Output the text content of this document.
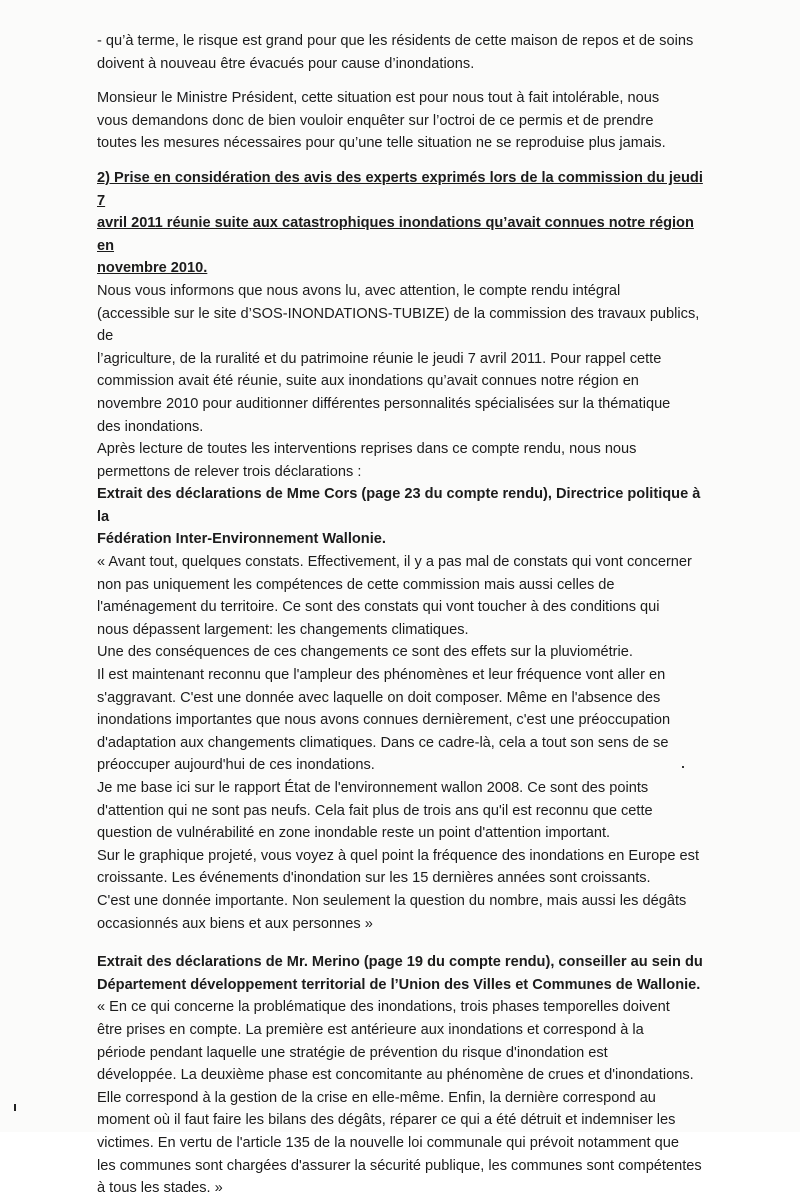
- qu’à terme, le risque est grand pour que les résidents de cette maison de repos et de soins

doivent à nouveau être évacués pour cause d’inondations.

Monsieur le Ministre Président, cette situation est pour nous tout à fait intolérable, nous

vous demandons donc de bien vouloir enquêter sur l’octroi de ce permis et de prendre

toutes les mesures nécessaires pour qu’une telle situation ne se reproduise plus jamais.

2) Prise en considération des avis des experts exprimés lors de la commission du jeudi 7

avril 2011 réunie suite aux catastrophiques inondations qu’avait connues notre région en

novembre 2010.

Nous vous informons que nous avons lu, avec attention, le compte rendu intégral

(accessible sur le site d’SOS-INONDATIONS-TUBIZE) de la commission des travaux publics, de

l’agriculture, de la ruralité et du patrimoine réunie le jeudi 7 avril 2011. Pour rappel cette

commission avait été réunie, suite aux inondations qu’avait connues notre région en

novembre 2010 pour auditionner différentes personnalités spécialisées sur la thématique

des inondations.

Après lecture de toutes les interventions reprises dans ce compte rendu, nous nous

permettons de relever trois déclarations :

Extrait des déclarations de Mme Cors (page 23 du compte rendu), Directrice politique à la

Fédération Inter-Environnement Wallonie.

« Avant tout, quelques constats. Effectivement, il y a pas mal de constats qui vont concerner

non pas uniquement les compétences de cette commission mais aussi celles de

l'aménagement du territoire. Ce sont des constats qui vont toucher à des conditions qui

nous dépassent largement: les changements climatiques.

Une des conséquences de ces changements ce sont des effets sur la pluviométrie.

Il est maintenant reconnu que l'ampleur des phénomènes et leur fréquence vont aller en

s'aggravant. C'est une donnée avec laquelle on doit composer. Même en l'absence des

inondations importantes que nous avons connues dernièrement, c'est une préoccupation

d'adaptation aux changements climatiques. Dans ce cadre-là, cela a tout son sens de se

préoccuper aujourd'hui de ces inondations.

Je me base ici sur le rapport État de l'environnement wallon 2008. Ce sont des points

d'attention qui ne sont pas neufs. Cela fait plus de trois ans qu'il est reconnu que cette

question de vulnérabilité en zone inondable reste un point d'attention important.

Sur le graphique projeté, vous voyez à quel point la fréquence des inondations en Europe est

croissante. Les événements d'inondation sur les 15 dernières années sont croissants.

C'est une donnée importante. Non seulement la question du nombre, mais aussi les dégâts

occasionnés aux biens et aux personnes »

Extrait des déclarations de Mr. Merino (page 19 du compte rendu), conseiller au sein du

Département développement territorial de l’Union des Villes et Communes de Wallonie.

« En ce qui concerne la problématique des inondations, trois phases temporelles doivent

être prises en compte. La première est antérieure aux inondations et correspond à la

période pendant laquelle une stratégie de prévention du risque d'inondation est

développée. La deuxième phase est concomitante au phénomène de crues et d'inondations.

Elle correspond à la gestion de la crise en elle-même. Enfin, la dernière correspond au

moment où il faut faire les bilans des dégâts, réparer ce qui a été détruit et indemniser les

victimes. En vertu de l'article 135 de la nouvelle loi communale qui prévoit notamment que

les communes sont chargées d'assurer la sécurité publique, les communes sont compétentes

à tous les stades. »
